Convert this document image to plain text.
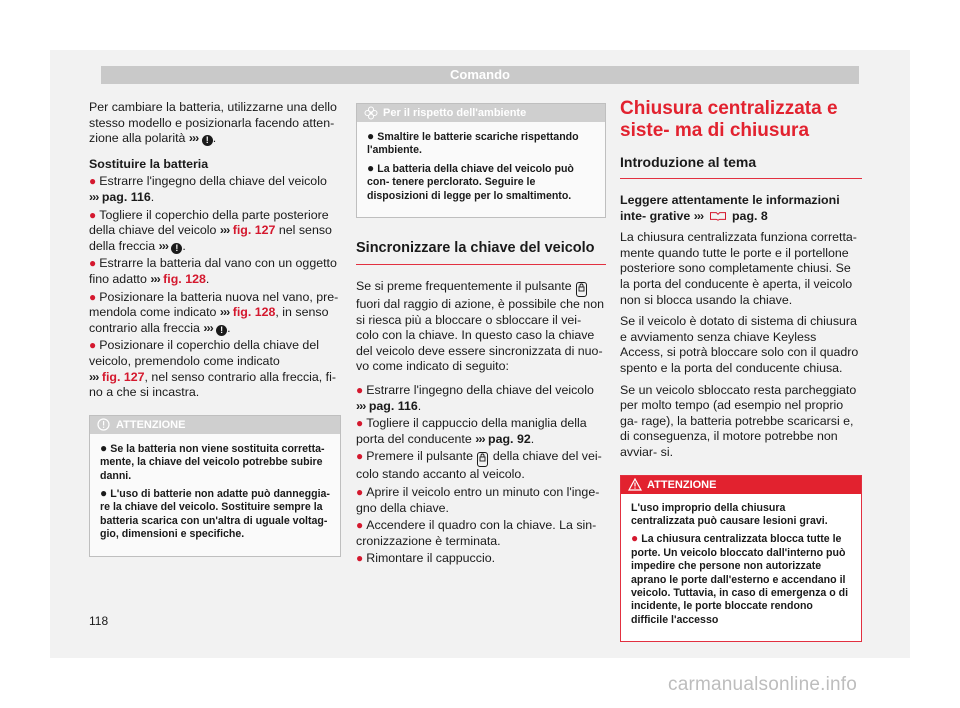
Comando

Per cambiare la batteria, utilizzarne una dello stesso modello e posizionarla facendo atten- zione alla polarità ››› ! .

Sostituire la batteria

● Estrarre l'ingegno della chiave del veicolo
››› pag. 116.

● Togliere il coperchio della parte posteriore della chiave del veicolo ››› fig. 127 nel senso della freccia ››› ! .

● Estrarre la batteria dal vano con un oggetto fino adatto ››› fig. 128.

● Posizionare la batteria nuova nel vano, pre- mendola come indicato ››› fig. 128, in senso contrario alla freccia ››› ! .

● Posizionare il coperchio della chiave del veicolo, premendolo come indicato
››› fig. 127, nel senso contrario alla freccia, fi- no a che si incastra.

ATTENZIONE

● Se la batteria non viene sostituita corretta- mente, la chiave del veicolo potrebbe subire danni.

● L'uso di batterie non adatte può danneggia- re la chiave del veicolo. Sostituire sempre la batteria scarica con un'altra di uguale voltag- gio, dimensioni e specifiche.

Per il rispetto dell'ambiente

● Smaltire le batterie scariche rispettando l'ambiente.

● La batteria della chiave del veicolo può con- tenere perclorato. Seguire le disposizioni di legge per lo smaltimento.

Sincronizzare la chiave del veicolo

Se si preme frequentemente il pulsante  fuori dal raggio di azione, è possibile che non si riesca più a bloccare o sbloccare il vei- colo con la chiave. In questo caso la chiave del veicolo deve essere sincronizzata di nuo- vo come indicato di seguito:

● Estrarre l'ingegno della chiave del veicolo
››› pag. 116.

● Togliere il cappuccio della maniglia della porta del conducente ››› pag. 92.

● Premere il pulsante della chiave del vei- colo stando accanto al veicolo.

● Aprire il veicolo entro un minuto con l'inge- gno della chiave.

● Accendere il quadro con la chiave. La sin- cronizzazione è terminata.

● Rimontare il cappuccio.

Chiusura centralizzata e siste- ma di chiusura
Introduzione al tema

Leggere attentamente le informazioni inte- grative ››› pag. 8

La chiusura centralizzata funziona corretta- mente quando tutte le porte e il portellone posteriore sono completamente chiusi. Se la porta del conducente è aperta, il veicolo non si blocca usando la chiave.

Se il veicolo è dotato di sistema di chiusura e avviamento senza chiave Keyless Access, si potrà bloccare solo con il quadro spento e la porta del conducente chiusa.

Se un veicolo sbloccato resta parcheggiato per molto tempo (ad esempio nel proprio ga- rage), la batteria potrebbe scaricarsi e, di conseguenza, il motore potrebbe non avviar- si.

ATTENZIONE

L'uso improprio della chiusura centralizzata può causare lesioni gravi.

● La chiusura centralizzata blocca tutte le porte. Un veicolo bloccato dall'interno può impedire che persone non autorizzate aprano le porte dall'esterno e accendano il veicolo. Tuttavia, in caso di emergenza o di incidente, le porte bloccate rendono difficile l'accesso

118
carmanualsonline.info
